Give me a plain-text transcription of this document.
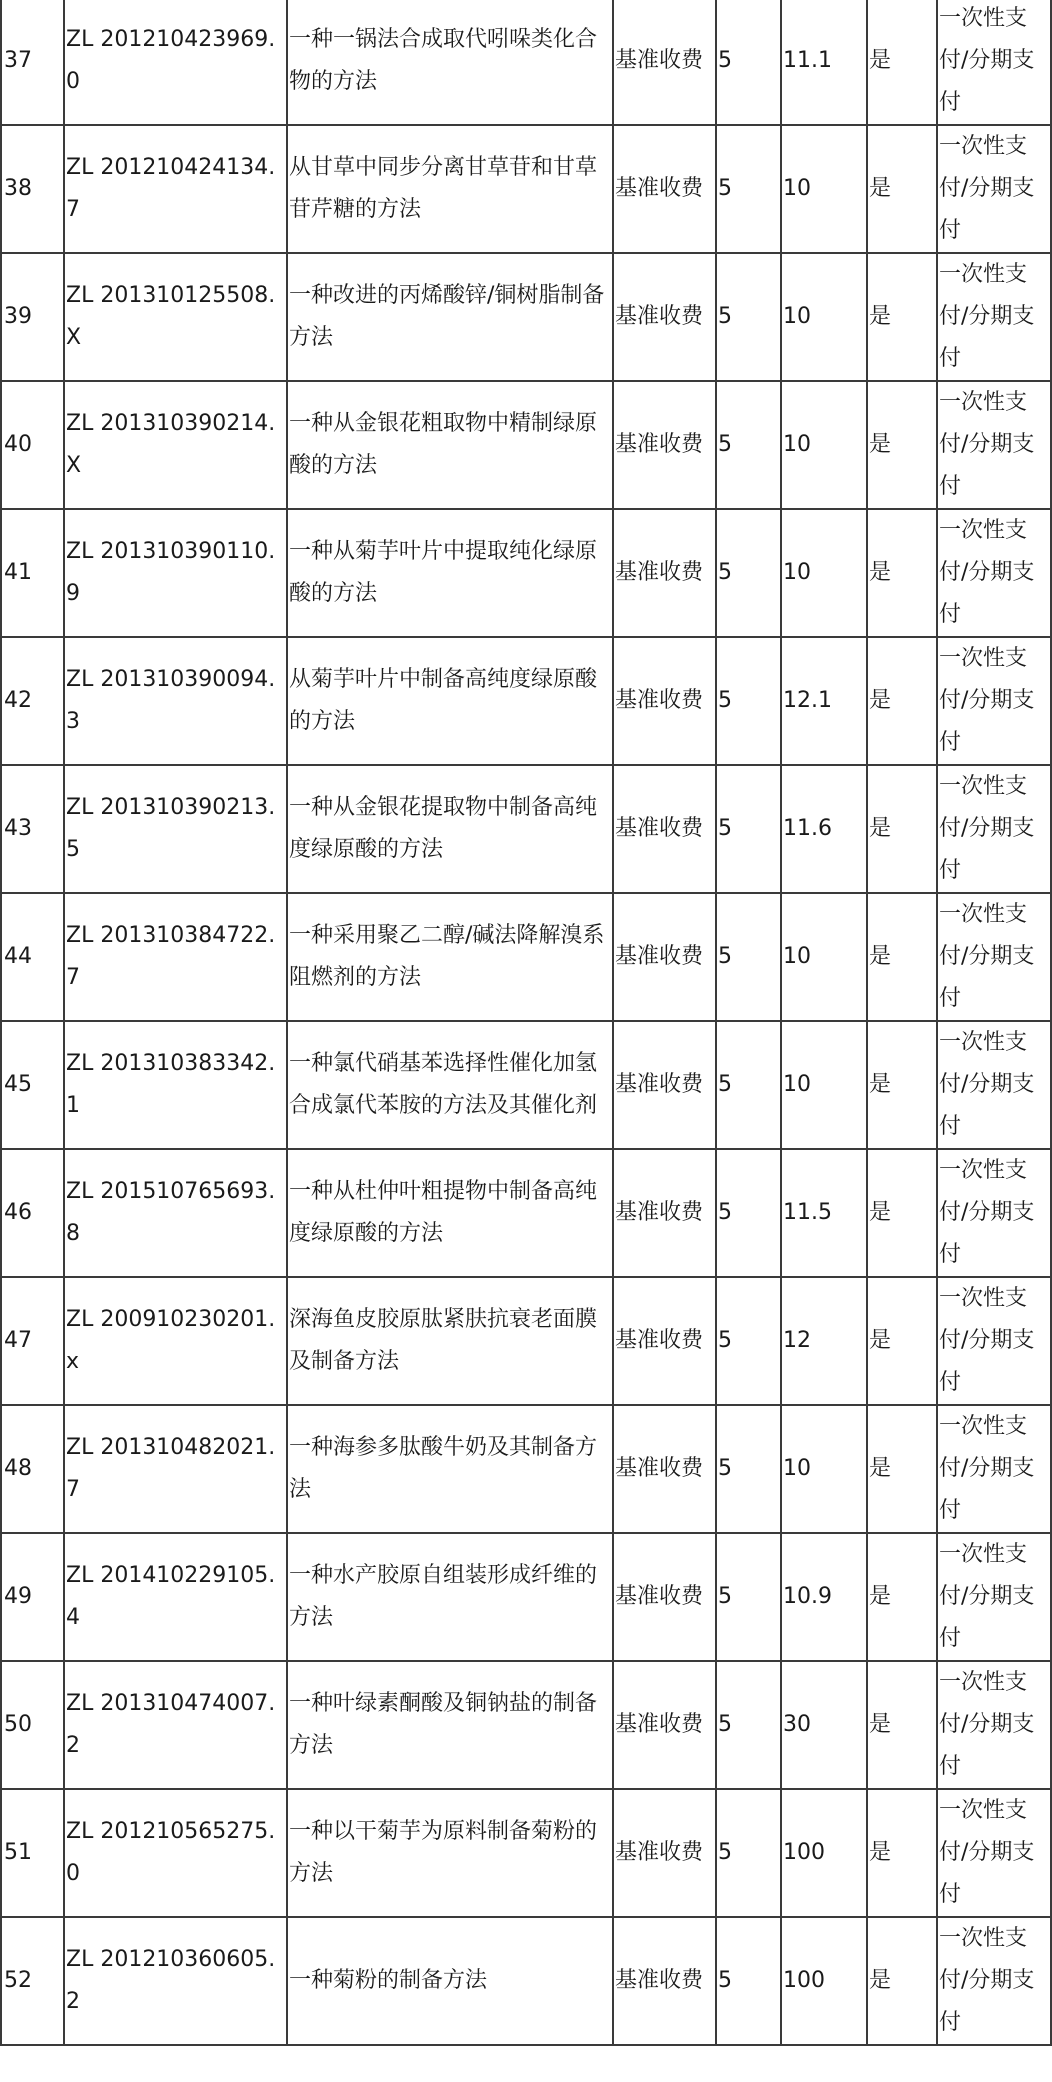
37	ZL 201210423969.0	一种一锅法合成取代吲哚类化合物的方法	基准收费	5	11.1	是	一次性支付/分期支付
38	ZL 201210424134.7	从甘草中同步分离甘草苷和甘草苷芹糖的方法	基准收费	5	10	是	一次性支付/分期支付
39	ZL 201310125508.X	一种改进的丙烯酸锌/铜树脂制备方法	基准收费	5	10	是	一次性支付/分期支付
40	ZL 201310390214.X	一种从金银花粗取物中精制绿原酸的方法	基准收费	5	10	是	一次性支付/分期支付
41	ZL 201310390110.9	一种从菊芋叶片中提取纯化绿原酸的方法	基准收费	5	10	是	一次性支付/分期支付
42	ZL 201310390094.3	从菊芋叶片中制备高纯度绿原酸的方法	基准收费	5	12.1	是	一次性支付/分期支付
43	ZL 201310390213.5	一种从金银花提取物中制备高纯度绿原酸的方法	基准收费	5	11.6	是	一次性支付/分期支付
44	ZL 201310384722.7	一种采用聚乙二醇/碱法降解溴系阻燃剂的方法	基准收费	5	10	是	一次性支付/分期支付
45	ZL 201310383342.1	一种氯代硝基苯选择性催化加氢合成氯代苯胺的方法及其催化剂	基准收费	5	10	是	一次性支付/分期支付
46	ZL 201510765693.8	一种从杜仲叶粗提物中制备高纯度绿原酸的方法	基准收费	5	11.5	是	一次性支付/分期支付
47	ZL 200910230201.x	深海鱼皮胶原肽紧肤抗衰老面膜及制备方法	基准收费	5	12	是	一次性支付/分期支付
48	ZL 201310482021.7	一种海参多肽酸牛奶及其制备方法	基准收费	5	10	是	一次性支付/分期支付
49	ZL 201410229105.4	一种水产胶原自组装形成纤维的方法	基准收费	5	10.9	是	一次性支付/分期支付
50	ZL 201310474007.2	一种叶绿素酮酸及铜钠盐的制备方法	基准收费	5	30	是	一次性支付/分期支付
51	ZL 201210565275.0	一种以干菊芋为原料制备菊粉的方法	基准收费	5	100	是	一次性支付/分期支付
52	ZL 201210360605.2	一种菊粉的制备方法	基准收费	5	100	是	一次性支付/分期支付
